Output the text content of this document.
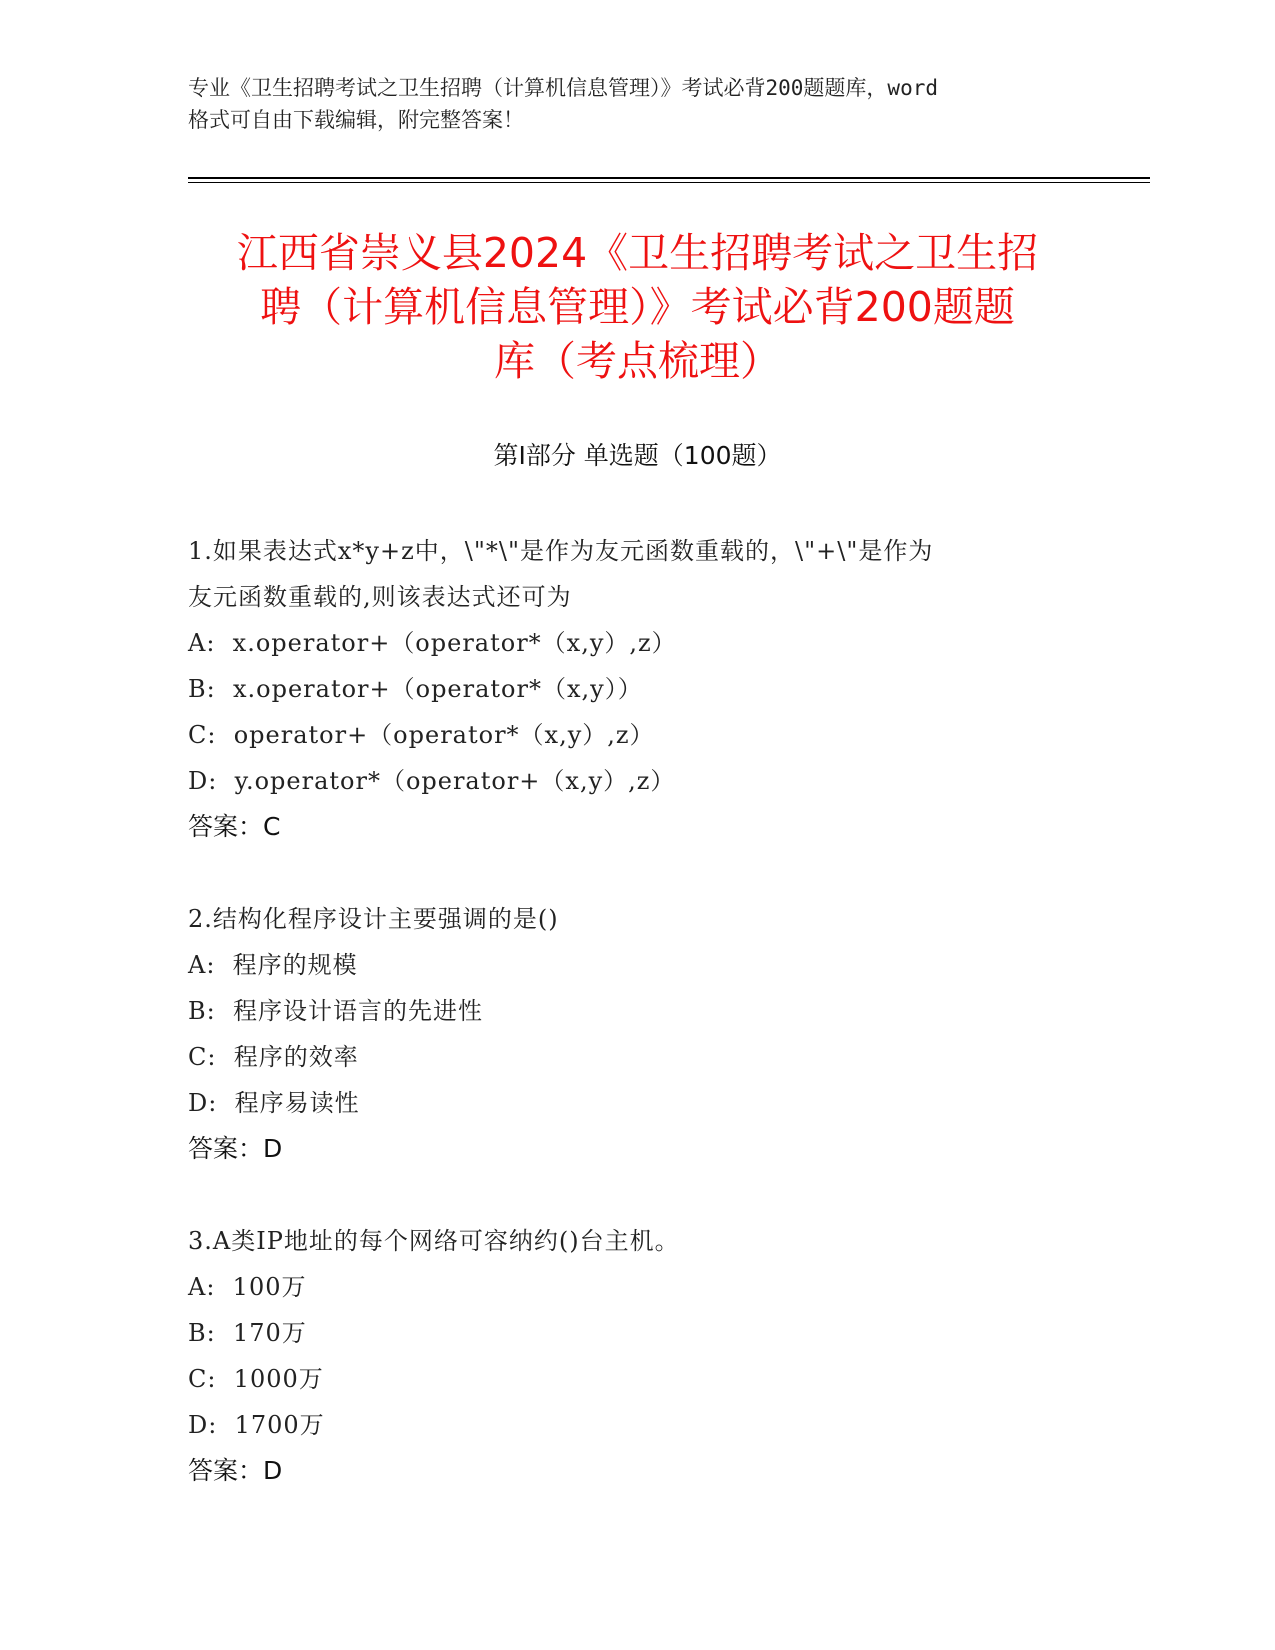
专业《卫生招聘考试之卫生招聘（计算机信息管理）》考试必背200题题库，word
格式可自由下载编辑，附完整答案！
江西省崇义县2024《卫生招聘考试之卫生招
聘（计算机信息管理）》考试必背200题题
库（考点梳理）
第Ⅰ部分 单选题（100题）
1.如果表达式x*y+z中，\"*\"是作为友元函数重载的，\"+\"是作为
友元函数重载的,则该表达式还可为
A:  x.operator+（operator*（x,y）,z）
B:  x.operator+（operator*（x,y））
C:  operator+（operator*（x,y）,z）
D:  y.operator*（operator+（x,y）,z）
答案：C
2.结构化程序设计主要强调的是()
A:  程序的规模
B:  程序设计语言的先进性
C:  程序的效率
D:  程序易读性
答案：D
3.A类IP地址的每个网络可容纳约()台主机。
A:  100万
B:  170万
C:  1000万
D:  1700万
答案：D
